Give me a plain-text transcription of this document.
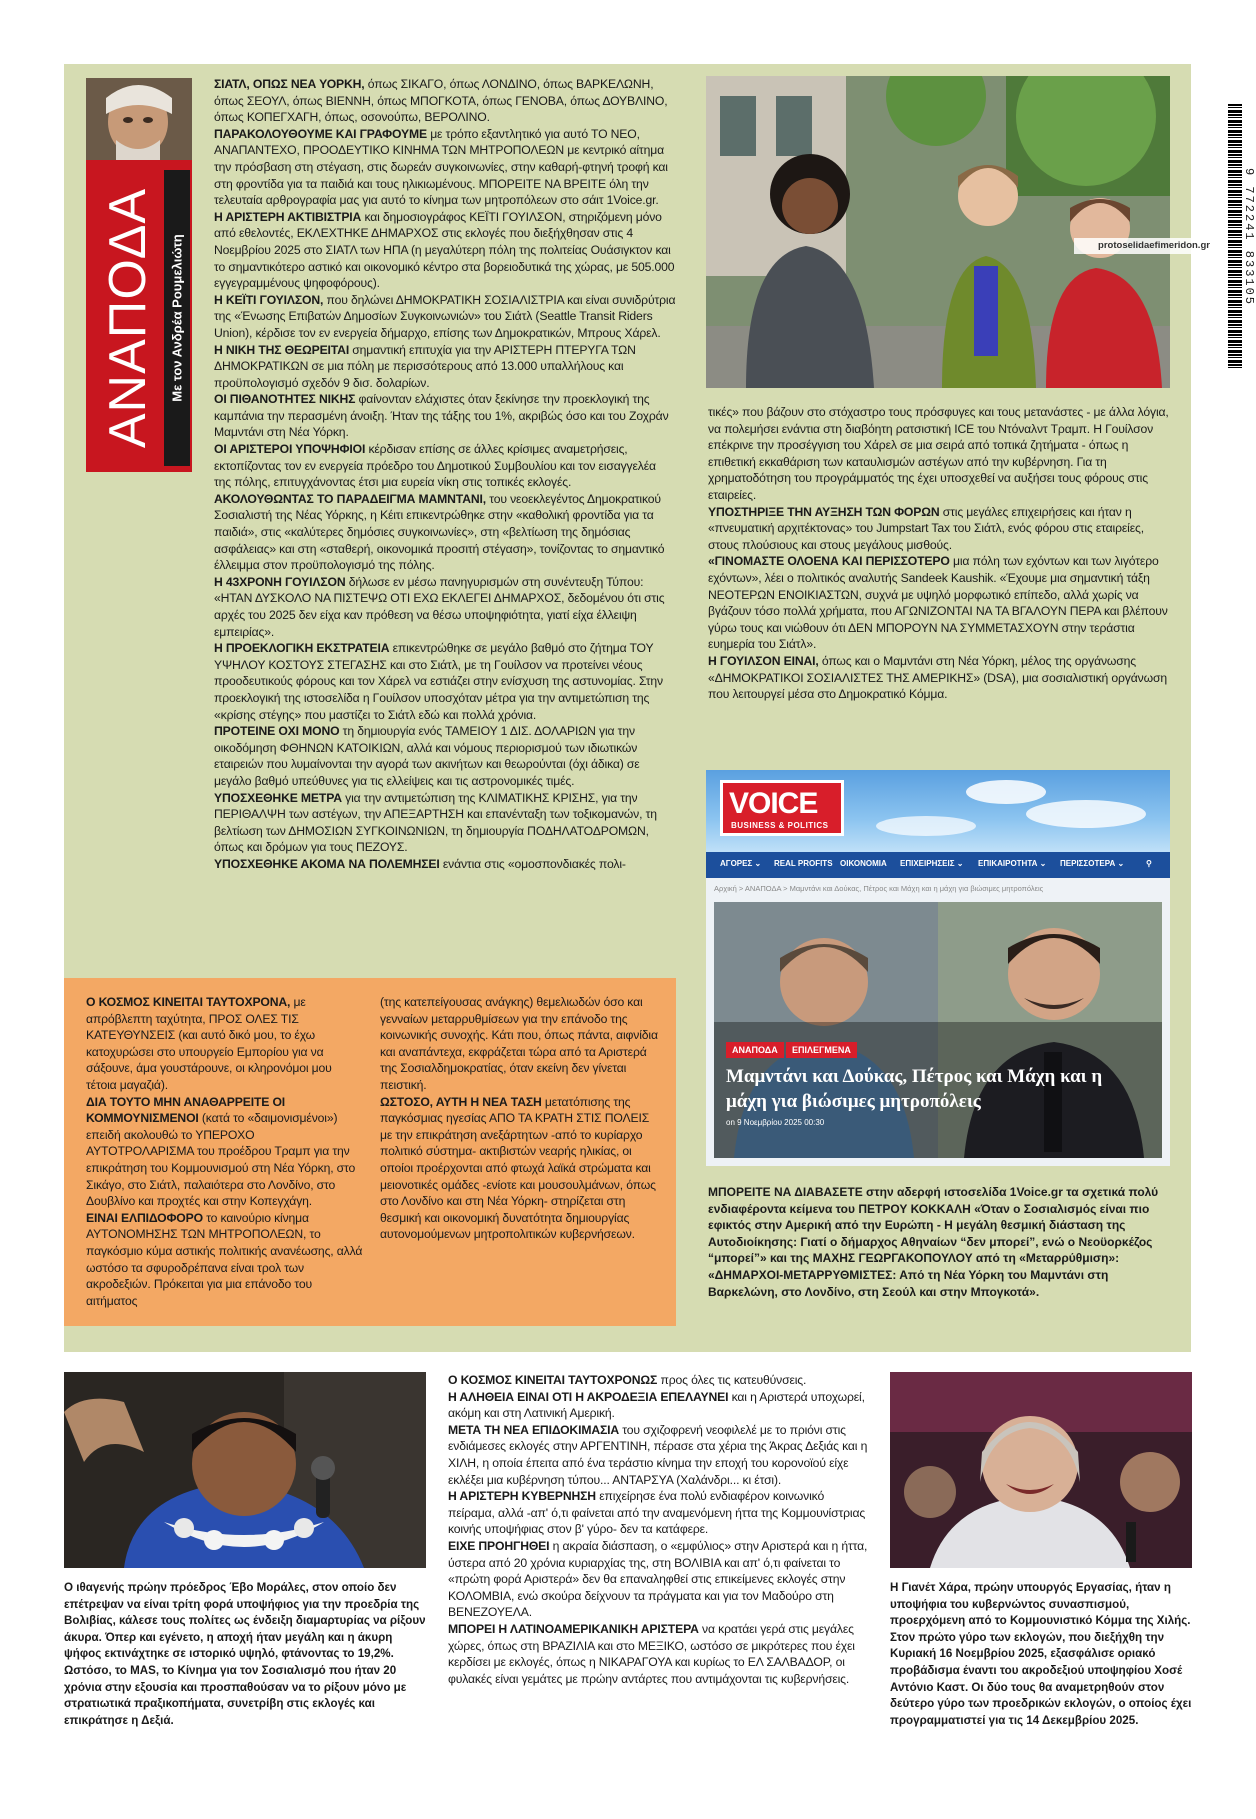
ΑΝΑΠΟΔΑ Με τον Ανδρέα Ρουμελιώτη

ΣΙΑΤΛ, ΟΠΩΣ ΝΕΑ ΥΟΡΚΗ, όπως ΣΙΚΑΓΟ, όπως ΛΟΝΔΙΝΟ, όπως ΒΑΡΚΕΛΩΝΗ, όπως ΣΕΟΥΛ, όπως ΒΙΕΝΝΗ, όπως ΜΠΟΓΚΟΤΑ, όπως ΓΕΝΟΒΑ, όπως ΔΟΥΒΛΙΝΟ, όπως ΚΟΠΕΓΧΑΓΗ, όπως, οσονούπω, ΒΕΡΟΛΙΝΟ.

ΠΑΡΑΚΟΛΟΥΘΟΥΜΕ ΚΑΙ ΓΡΑΦΟΥΜΕ με τρόπο εξαντλητικό για αυτό ΤΟ ΝΕΟ, ΑΝΑΠΑΝΤΕΧΟ, ΠΡΟΟΔΕΥΤΙΚΟ ΚΙΝΗΜΑ ΤΩΝ ΜΗΤΡΟΠΟΛΕΩΝ με κεντρικό αίτημα την πρόσβαση στη στέγαση, στις δωρεάν συγκοινωνίες, στην καθαρή-φτηνή τροφή και στη φροντίδα για τα παιδιά και τους ηλικιωμένους. ΜΠΟΡΕΙΤΕ ΝΑ ΒΡΕΙΤΕ όλη την τελευταία αρθρογραφία μας για αυτό το κίνημα των μητροπόλεων στο σάιτ 1Voice.gr.

Η ΑΡΙΣΤΕΡΗ ΑΚΤΙΒΙΣΤΡΙΑ και δημοσιογράφος ΚΕΪΤΙ ΓΟΥΙΛΣΟΝ, στηριζόμενη μόνο από εθελοντές, ΕΚΛΕΧΤΗΚΕ ΔΗΜΑΡΧΟΣ στις εκλογές που διεξήχθησαν στις 4 Νοεμβρίου 2025 στο ΣΙΑΤΛ των ΗΠΑ (η μεγαλύτερη πόλη της πολιτείας Ουάσιγκτον και το σημαντικότερο αστικό και οικονομικό κέντρο στα βορειοδυτικά της χώρας, με 505.000 εγγεγραμμένους ψηφοφόρους).

Η ΚΕΪΤΙ ΓΟΥΙΛΣΟΝ, που δηλώνει ΔΗΜΟΚΡΑΤΙΚΗ ΣΟΣΙΑΛΙΣΤΡΙΑ και είναι συνιδρύτρια της «Ένωσης Επιβατών Δημοσίων Συγκοινωνιών» του Σιάτλ (Seattle Transit Riders Union), κέρδισε τον εν ενεργεία δήμαρχο, επίσης των Δημοκρατικών, Μπρους Χάρελ.

Η ΝΙΚΗ ΤΗΣ ΘΕΩΡΕΙΤΑΙ σημαντική επιτυχία για την ΑΡΙΣΤΕΡΗ ΠΤΕΡΥΓΑ ΤΩΝ ΔΗΜΟΚΡΑΤΙΚΩΝ σε μια πόλη με περισσότερους από 13.000 υπαλλήλους και προϋπολογισμό σχεδόν 9 δισ. δολαρίων.

ΟΙ ΠΙΘΑΝΟΤΗΤΕΣ ΝΙΚΗΣ φαίνονταν ελάχιστες όταν ξεκίνησε την προεκλογική της καμπάνια την περασμένη άνοιξη. Ήταν της τάξης του 1%, ακριβώς όσο και του Ζοχράν Μαμντάνι στη Νέα Υόρκη.

ΟΙ ΑΡΙΣΤΕΡΟΙ ΥΠΟΨΗΦΙΟΙ κέρδισαν επίσης σε άλλες κρίσιμες αναμετρήσεις, εκτοπίζοντας τον εν ενεργεία πρόεδρο του Δημοτικού Συμβουλίου και τον εισαγγελέα της πόλης, επιτυγχάνοντας έτσι μια ευρεία νίκη στις τοπικές εκλογές.

ΑΚΟΛΟΥΘΩΝΤΑΣ ΤΟ ΠΑΡΑΔΕΙΓΜΑ ΜΑΜΝΤΑΝΙ, του νεοεκλεγέντος Δημοκρατικού Σοσιαλιστή της Νέας Υόρκης, η Κέιτι επικεντρώθηκε στην «καθολική φροντίδα για τα παιδιά», στις «καλύτερες δημόσιες συγκοινωνίες», στη «βελτίωση της δημόσιας ασφάλειας» και στη «σταθερή, οικονομικά προσιτή στέγαση», τονίζοντας το σημαντικό έλλειμμα στον προϋπολογισμό της πόλης.

Η 43ΧΡΟΝΗ ΓΟΥΙΛΣΟΝ δήλωσε εν μέσω πανηγυρισμών στη συνέντευξη Τύπου: «ΗΤΑΝ ΔΥΣΚΟΛΟ ΝΑ ΠΙΣΤΕΨΩ ΟΤΙ ΕΧΩ ΕΚΛΕΓΕΙ ΔΗΜΑΡΧΟΣ, δεδομένου ότι στις αρχές του 2025 δεν είχα καν πρόθεση να θέσω υποψηφιότητα, γιατί είχα έλλειψη εμπειρίας».

Η ΠΡΟΕΚΛΟΓΙΚΗ ΕΚΣΤΡΑΤΕΙΑ επικεντρώθηκε σε μεγάλο βαθμό στο ζήτημα ΤΟΥ ΥΨΗΛΟΥ ΚΟΣΤΟΥΣ ΣΤΕΓΑΣΗΣ και στο Σιάτλ, με τη Γουίλσον να προτείνει νέους προοδευτικούς φόρους και τον Χάρελ να εστιάζει στην ενίσχυση της αστυνομίας. Στην προεκλογική της ιστοσελίδα η Γουίλσον υποσχόταν μέτρα για την αντιμετώπιση της «κρίσης στέγης» που μαστίζει το Σιάτλ εδώ και πολλά χρόνια.

ΠΡΟΤΕΙΝΕ ΟΧΙ ΜΟΝΟ τη δημιουργία ενός ΤΑΜΕΙΟΥ 1 ΔΙΣ. ΔΟΛΑΡΙΩΝ για την οικοδόμηση ΦΘΗΝΩΝ ΚΑΤΟΙΚΙΩΝ, αλλά και νόμους περιορισμού των ιδιωτικών εταιρειών που λυμαίνονται την αγορά των ακινήτων και θεωρούνται (όχι άδικα) σε μεγάλο βαθμό υπεύθυνες για τις ελλείψεις και τις αστρονομικές τιμές.

ΥΠΟΣΧΕΘΗΚΕ ΜΕΤΡΑ για την αντιμετώπιση της ΚΛΙΜΑΤΙΚΗΣ ΚΡΙΣΗΣ, για την ΠΕΡΙΘΑΛΨΗ των αστέγων, την ΑΠΕΞΑΡΤΗΣΗ και επανένταξη των τοξικομανών, τη βελτίωση των ΔΗΜΟΣΙΩΝ ΣΥΓΚΟΙΝΩΝΙΩΝ, τη δημιουργία ΠΟΔΗΛΑΤΟΔΡΟΜΩΝ, όπως και δρόμων για τους ΠΕΖΟΥΣ.

ΥΠΟΣΧΕΘΗΚΕ ΑΚΟΜΑ ΝΑ ΠΟΛΕΜΗΣΕΙ ενάντια στις «ομοσπονδιακές πολι-

protoselidaefimeridon.gr	9 772241 833105

τικές» που βάζουν στο στόχαστρο τους πρόσφυγες και τους μετανάστες - με άλλα λόγια, να πολεμήσει ενάντια στη διαβόητη ρατσιστική ICE του Ντόναλντ Τραμπ. Η Γουίλσον επέκρινε την προσέγγιση του Χάρελ σε μια σειρά από τοπικά ζητήματα - όπως η επιθετική εκκαθάριση των καταυλισμών αστέγων από την κυβέρνηση. Για τη χρηματοδότηση του προγράμματός της έχει υποσχεθεί να αυξήσει τους φόρους στις εταιρείες.

ΥΠΟΣΤΗΡΙΞΕ ΤΗΝ ΑΥΞΗΣΗ ΤΩΝ ΦΟΡΩΝ στις μεγάλες επιχειρήσεις και ήταν η «πνευματική αρχιτέκτονας» του Jumpstart Tax του Σιάτλ, ενός φόρου στις εταιρείες, στους πλούσιους και στους μεγάλους μισθούς.

«ΓΙΝΟΜΑΣΤΕ ΟΛΟΕΝΑ ΚΑΙ ΠΕΡΙΣΣΟΤΕΡΟ μια πόλη των εχόντων και των λιγότερο εχόντων», λέει ο πολιτικός αναλυτής Sandeek Kaushik. «Έχουμε μια σημαντική τάξη ΝΕΟΤΕΡΩΝ ΕΝΟΙΚΙΑΣΤΩΝ, συχνά με υψηλό μορφωτικό επίπεδο, αλλά χωρίς να βγάζουν τόσο πολλά χρήματα, που ΑΓΩΝΙΖΟΝΤΑΙ ΝΑ ΤΑ ΒΓΑΛΟΥΝ ΠΕΡΑ και βλέπουν γύρω τους και νιώθουν ότι ΔΕΝ ΜΠΟΡΟΥΝ ΝΑ ΣΥΜΜΕΤΑΣΧΟΥΝ στην τεράστια ευημερία του Σιάτλ».

Η ΓΟΥΙΛΣΟΝ ΕΙΝΑΙ, όπως και ο Μαμντάνι στη Νέα Υόρκη, μέλος της οργάνωσης «ΔΗΜΟΚΡΑΤΙΚΟΙ ΣΟΣΙΑΛΙΣΤΕΣ ΤΗΣ ΑΜΕΡΙΚΗΣ» (DSA), μια σοσιαλιστική οργάνωση που λειτουργεί μέσα στο Δημοκρατικό Κόμμα.

VOICE
BUSINESS & POLITICS
ΑΓΟΡΕΣ ⌄ REAL PROFITS ΟΙΚΟΝΟΜΙΑ ΕΠΙΧΕΙΡΗΣΕΙΣ ⌄ ΕΠΙΚΑΙΡΟΤΗΤΑ ⌄ ΠΕΡΙΣΣΟΤΕΡΑ ⌄	⚲
Αρχική > ΑΝΑΠΟΔΑ > Μαμντάνι και Δούκας, Πέτρος και Μάχη και η μάχη για βιώσιμες μητροπόλεις
ΑΝΑΠΟΔΑ	ΕΠΙΛΕΓΜΕΝΑ
Μαμντάνι και Δούκας, Πέτρος και Μάχη και η μάχη για βιώσιμες μητροπόλεις
on 9 Νοεμβρίου 2025 00:30
ΜΠΟΡΕΙΤΕ ΝΑ ΔΙΑΒΑΣΕΤΕ στην αδερφή ιστοσελίδα 1Voice.gr τα σχετικά πολύ ενδιαφέροντα κείμενα του ΠΕΤΡΟΥ ΚΟΚΚΑΛΗ «Όταν ο Σοσιαλισμός είναι πιο εφικτός στην Αμερική από την Ευρώπη - Η μεγάλη θεσμική διάσταση της Αυτοδιοίκησης: Γιατί ο δήμαρχος Αθηναίων “δεν μπορεί”, ενώ ο Νεοϋορκέζος “μπορεί”» και της ΜΑΧΗΣ ΓΕΩΡΓΑΚΟΠΟΥΛΟΥ από τη «Μεταρρύθμιση»: «ΔΗΜΑΡΧΟΙ-ΜΕΤΑΡΡΥΘΜΙΣΤΕΣ: Από τη Νέα Υόρκη του Μαμντάνι στη Βαρκελώνη, στο Λονδίνο, στη Σεούλ και στην Μπογκοτά».

Ο ΚΟΣΜΟΣ ΚΙΝΕΙΤΑΙ ΤΑΥΤΟΧΡΟΝΑ, με απρόβλεπτη ταχύτητα, ΠΡΟΣ ΟΛΕΣ ΤΙΣ ΚΑΤΕΥΘΥΝΣΕΙΣ (και αυτό δικό μου, το έχω κατοχυρώσει στο υπουργείο Εμπορίου για να σάξουνε, άμα γουστάρουνε, οι κληρονόμοι μου τέτοια μαγαζιά).

ΔΙΑ ΤΟΥΤΟ ΜΗΝ ΑΝΑΘΑΡΡΕΙΤΕ ΟΙ ΚΟΜΜΟΥΝΙΣΜΕΝΟΙ (κατά το «δαιμονισμένοι») επειδή ακολουθώ το ΥΠΕΡΟΧΟ ΑΥΤΟΤΡΟΛΑΡΙΣΜΑ του προέδρου Τραμπ για την επικράτηση του Κομμουνισμού στη Νέα Υόρκη, στο Σικάγο, στο Σιάτλ, παλαιότερα στο Λονδίνο, στο Δουβλίνο και προχτές και στην Κοπεγχάγη.

ΕΙΝΑΙ ΕΛΠΙΔΟΦΟΡΟ το καινούριο κίνημα ΑΥΤΟΝΟΜΗΣΗΣ ΤΩΝ ΜΗΤΡΟΠΟΛΕΩΝ, το παγκόσμιο κύμα αστικής πολιτικής ανανέωσης, αλλά ωστόσο τα σφυροδρέπανα είναι τρολ των ακροδεξιών. Πρόκειται για μια επάνοδο του αιτήματος

(της κατεπείγουσας ανάγκης) θεμελιωδών όσο και γενναίων μεταρρυθμίσεων για την επάνοδο της κοινωνικής συνοχής. Κάτι που, όπως πάντα, αιφνίδια και αναπάντεχα, εκφράζεται τώρα από τα Αριστερά της Σοσιαλδημοκρατίας, όταν εκείνη δεν γίνεται πειστική.

ΩΣΤΟΣΟ, ΑΥΤΗ Η ΝΕΑ ΤΑΣΗ μετατόπισης της παγκόσμιας ηγεσίας ΑΠΟ ΤΑ ΚΡΑΤΗ ΣΤΙΣ ΠΟΛΕΙΣ με την επικράτηση ανεξάρτητων -από το κυρίαρχο πολιτικό σύστημα- ακτιβιστών νεαρής ηλικίας, οι οποίοι προέρχονται από φτωχά λαϊκά στρώματα και μειονοτικές ομάδες -ενίοτε και μουσουλμάνων, όπως στο Λονδίνο και στη Νέα Υόρκη- στηρίζεται στη θεσμική και οικονομική δυνατότητα δημιουργίας αυτονομούμενων μητροπολιτικών κυβερνήσεων.

Ο ιθαγενής πρώην πρόεδρος Έβο Μοράλες, στον οποίο δεν επέτρεψαν να είναι τρίτη φορά υποψήφιος για την προεδρία της Βολιβίας, κάλεσε τους πολίτες ως ένδειξη διαμαρτυρίας να ρίξουν άκυρα. Όπερ και εγένετο, η αποχή ήταν μεγάλη και η άκυρη ψήφος εκτινάχτηκε σε ιστορικό υψηλό, φτάνοντας το 19,2%. Ωστόσο, το MAS, το Κίνημα για τον Σοσιαλισμό που ήταν 20 χρόνια στην εξουσία και προσπαθούσαν να το ρίξουν μόνο με στρατιωτικά πραξικοπήματα, συνετρίβη στις εκλογές και επικράτησε η Δεξιά.

Ο ΚΟΣΜΟΣ ΚΙΝΕΙΤΑΙ ΤΑΥΤΟΧΡΟΝΩΣ προς όλες τις κατευθύνσεις.

Η ΑΛΗΘΕΙΑ ΕΙΝΑΙ ΟΤΙ Η ΑΚΡΟΔΕΞΙΑ ΕΠΕΛΑΥΝΕΙ και η Αριστερά υποχωρεί, ακόμη και στη Λατινική Αμερική.

ΜΕΤΑ ΤΗ ΝΕΑ ΕΠΙΔΟΚΙΜΑΣΙΑ του σχιζοφρενή νεοφιλελέ με το πριόνι στις ενδιάμεσες εκλογές στην ΑΡΓΕΝΤΙΝΗ, πέρασε στα χέρια της Άκρας Δεξιάς και η ΧΙΛΗ, η οποία έπειτα από ένα τεράστιο κίνημα την εποχή του κορονοϊού είχε εκλέξει μια κυβέρνηση τύπου... ΑΝΤΑΡΣΥΑ (Χαλάνδρι... κι έτσι).

Η ΑΡΙΣΤΕΡΗ ΚΥΒΕΡΝΗΣΗ επιχείρησε ένα πολύ ενδιαφέρον κοινωνικό πείραμα, αλλά -απ' ό,τι φαίνεται από την αναμενόμενη ήττα της Κομμουνίστριας κοινής υποψήφιας στον β' γύρο- δεν τα κατάφερε.

ΕΙΧΕ ΠΡΟΗΓΗΘΕΙ η ακραία διάσπαση, ο «εμφύλιος» στην Αριστερά και η ήττα, ύστερα από 20 χρόνια κυριαρχίας της, στη ΒΟΛΙΒΙΑ και απ' ό,τι φαίνεται το «πρώτη φορά Αριστερά» δεν θα επαναληφθεί στις επικείμενες εκλογές στην ΚΟΛΟΜΒΙΑ, ενώ σκούρα δείχνουν τα πράγματα και για τον Μαδούρο στη ΒΕΝΕΖΟΥΕΛΑ.

ΜΠΟΡΕΙ Η ΛΑΤΙΝΟΑΜΕΡΙΚΑΝΙΚΗ ΑΡΙΣΤΕΡΑ να κρατάει γερά στις μεγάλες χώρες, όπως στη ΒΡΑΖΙΛΙΑ και στο ΜΕΞΙΚΟ, ωστόσο σε μικρότερες που έχει κερδίσει με εκλογές, όπως η ΝΙΚΑΡΑΓΟΥΑ και κυρίως το ΕΛ ΣΑΛΒΑΔΟΡ, οι φυλακές είναι γεμάτες με πρώην αντάρτες που αντιμάχονται τις κυβερνήσεις.

Η Γιανέτ Χάρα, πρώην υπουργός Εργασίας, ήταν η υποψήφια του κυβερνώντος συνασπισμού, προερχόμενη από το Κομμουνιστικό Κόμμα της Χιλής. Στον πρώτο γύρο των εκλογών, που διεξήχθη την Κυριακή 16 Νοεμβρίου 2025, εξασφάλισε οριακό προβάδισμα έναντι του ακροδεξιού υποψηφίου Χοσέ Αντόνιο Καστ. Οι δύο τους θα αναμετρηθούν στον δεύτερο γύρο των προεδρικών εκλογών, ο οποίος έχει προγραμματιστεί για τις 14 Δεκεμβρίου 2025.
